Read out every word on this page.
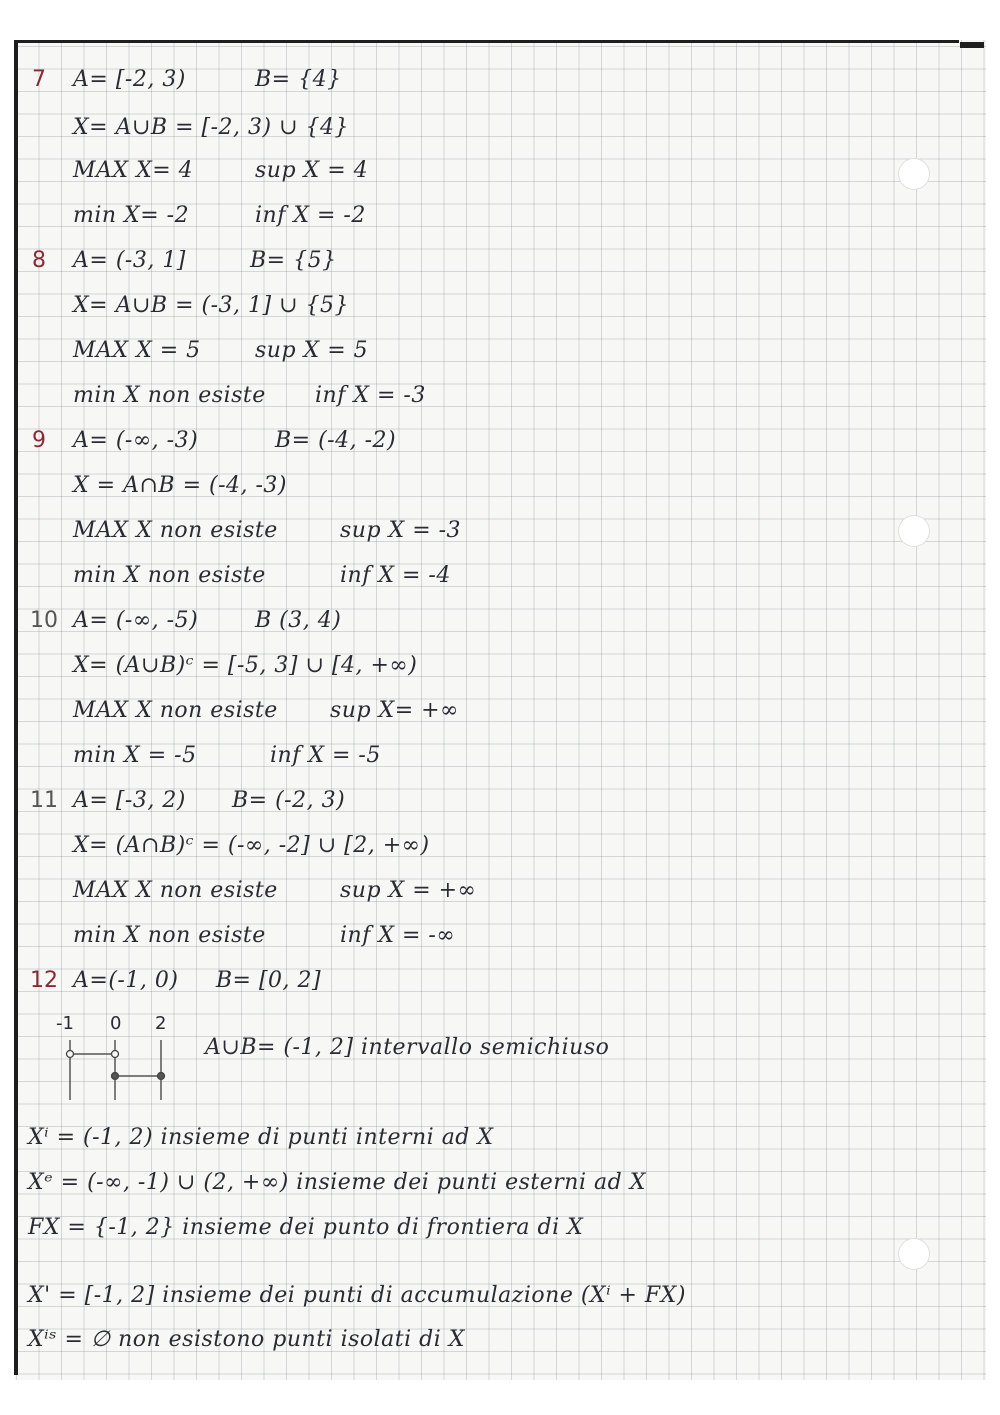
7 A= [-2, 3)	B= {4}
X= A∪B = [-2, 3) ∪ {4}
MAX X= 4	sup X = 4
min X= -2	inf X = -2
8 A= (-3, 1]	B= {5}
X= A∪B = (-3, 1] ∪ {5}
MAX X = 5 sup X = 5
min X non esiste inf X = -3
9 A= (-∞, -3)	B= (-4, -2)
X = A∩B = (-4, -3)
MAX X non esiste	sup X = -3
min X non esiste	inf X = -4
10 A= (-∞, -5)	B (3, 4)
X= (A∪B)ᶜ = [-5, 3] ∪ [4, +∞)
MAX X non esiste sup X= +∞
min X = -5	inf X = -5
11 A= [-3, 2) B= (-2, 3)
X= (A∩B)ᶜ = (-∞, -2] ∪ [2, +∞)
MAX X non esiste	sup X = +∞
min X non esiste	inf X = -∞
12 A=(-1, 0)     B= [0, 2]
-1 0 2
A∪B= (-1, 2] intervallo semichiuso
Xⁱ = (-1, 2) insieme di punti interni ad X
Xᵉ = (-∞, -1) ∪ (2, +∞) insieme dei punti esterni ad X
FX = {-1, 2} insieme dei punto di frontiera di X
X' = [-1, 2] insieme dei punti di accumulazione (Xⁱ + FX)
Xⁱˢ = ∅ non esistono punti isolati di X
